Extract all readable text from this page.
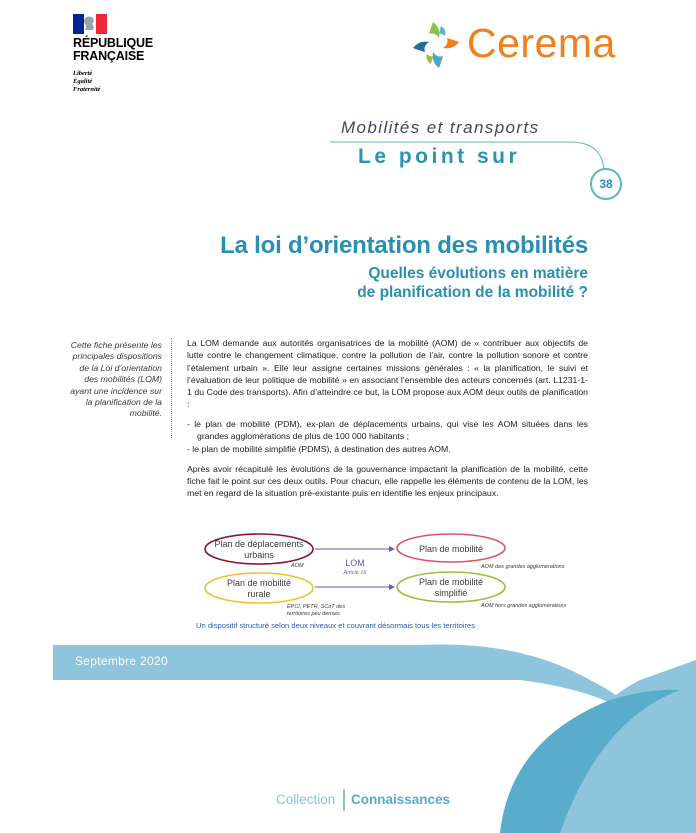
RÉPUBLIQUE
FRANÇAISE
Liberté
Égalité
Fraternité
Cerema
Mobilités et transports
Le point sur
38
La loi d’orientation des mobilités
Quelles évolutions en matière
de planification de la mobilité ?
Cette fiche présente les principales dispositions de la Loi d’orientation des mobilités (LOM) ayant une incidence sur la planification de la mobilité.

La LOM demande aux autorités organisatrices de la mobilité (AOM) de « contribuer aux objectifs de lutte contre le changement climatique, contre la pollution de l’air, contre la pollution sonore et contre l’étalement urbain ». Elle leur assigne certaines missions générales : « la planification, le suivi et l’évaluation de leur politique de mobilité » en associant l’ensemble des acteurs concernés (art. L1231-1-1 du Code des transports). Afin d’atteindre ce but, la LOM propose aux AOM deux outils de planification :

- le plan de mobilité (PDM), ex-plan de déplacements urbains, qui vise les AOM situées dans les grandes agglomérations de plus de 100 000 habitants ;
- le plan de mobilité simplifié (PDMS), à destination des autres AOM.

Après avoir récapitulé les évolutions de la gouvernance impactant la planification de la mobilité, cette fiche fait le point sur ces deux outils. Pour chacun, elle rappelle les éléments de contenu de la LOM, les met en regard de la situation pré-existante puis en identifie les enjeux principaux.

Plan de déplacements
urbains
AOM
Plan de mobilité
AOM des grandes agglomérations
Plan de mobilité
rurale
EPCI, PETR, SCoT des
territoires peu denses
Plan de mobilité
simplifié
AOM hors grandes agglomérations
LOM
Article 16
Un dispositif structuré selon deux niveaux et couvrant désormais tous les territoires
Septembre 2020
Collection Connaissances
